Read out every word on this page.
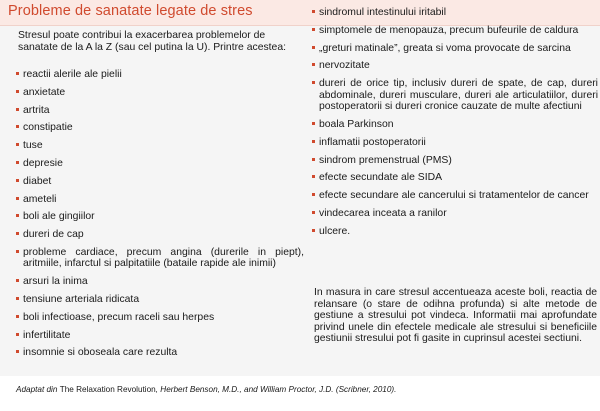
Probleme de sanatate legate de stres
Stresul poate contribui la exacerbarea problemelor de sanatate de la A la Z (sau cel putina la U). Printre acestea:
reactii alerile ale pielii
anxietate
artrita
constipatie
tuse
depresie
diabet
ameteli
boli ale gingiilor
dureri de cap
probleme cardiace, precum angina (durerile in piept), aritmiile, infarctul si palpitatiile (bataile rapide ale inimii)
arsuri la inima
tensiune arteriala ridicata
boli infectioase, precum raceli sau herpes
infertilitate
insomnie si oboseala care rezulta
sindromul intestinului iritabil
simptomele de menopauza, precum bufeurile de caldura
„greturi matinale”, greata si voma provocate de sarcina
nervozitate
dureri de orice tip, inclusiv dureri de spate, de cap, dureri abdominale, dureri musculare, dureri ale articulatiilor, dureri postoperatorii si dureri cronice cauzate de multe afectiuni
boala Parkinson
inflamatii postoperatorii
sindrom premenstrual (PMS)
efecte secundate ale SIDA
efecte secundare ale cancerului si tratamentelor de cancer
vindecarea inceata a ranilor
ulcere.
In masura in care stresul accentueaza aceste boli, reactia de relansare (o stare de odihna profunda) si alte metode de gestiune a stresului pot vindeca. Informatii mai aprofundate privind unele din efectele medicale ale stresului si beneficiile gestiunii stresului pot fi gasite in cuprinsul acestei sectiuni.
Adaptat din The Relaxation Revolution, Herbert Benson, M.D., and William Proctor, J.D. (Scribner, 2010).
